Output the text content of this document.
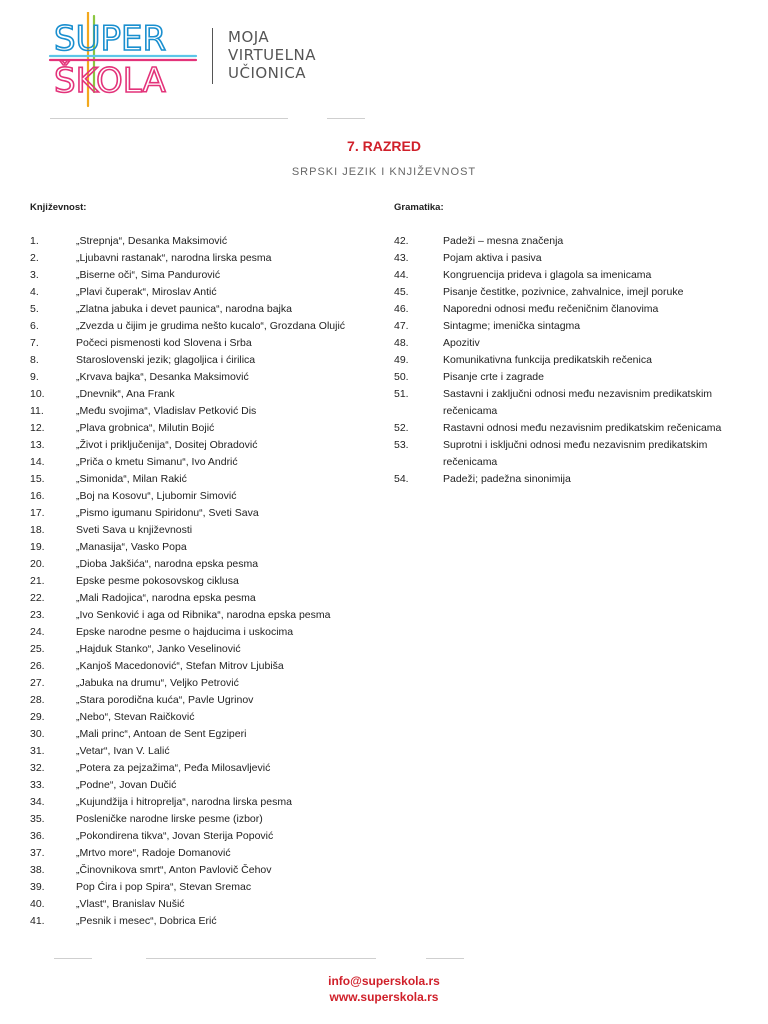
SUPER
ŠKOLA
MOJA
VIRTUELNA
UČIONICA
7. RAZRED
SRPSKI JEZIK I KNJIŽEVNOST
Književnost:	Gramatika:
1.	„Strepnja“, Desanka Maksimović
2.	„Ljubavni rastanak“, narodna lirska pesma
3.	„Biserne oči“, Sima Pandurović
4.	„Plavi čuperak“, Miroslav Antić
5.	„Zlatna jabuka i devet paunica“, narodna bajka
6.	„Zvezda u čijim je grudima nešto kucalo“, Grozdana Olujić
7.	Počeci pismenosti kod Slovena i Srba
8.	Staroslovenski jezik; glagoljica i ćirilica
9.	„Krvava bajka“, Desanka Maksimović
10.	„Dnevnik“, Ana Frank
11.	„Među svojima“, Vladislav Petković Dis
12.	„Plava grobnica“, Milutin Bojić
13.	„Život i priključenija“, Dositej Obradović
14.	„Priča o kmetu Simanu“, Ivo Andrić
15.	„Simonida“, Milan Rakić
16.	„Boj na Kosovu“, Ljubomir Simović
17.	„Pismo igumanu Spiridonu“, Sveti Sava
18.	Sveti Sava u književnosti
19.	„Manasija“, Vasko Popa
20.	„Dioba Jakšića“, narodna epska pesma
21.	Epske pesme pokosovskog ciklusa
22.	„Mali Radojica“, narodna epska pesma
23.	„Ivo Senković i aga od Ribnika“, narodna epska pesma
24.	Epske narodne pesme o hajducima i uskocima
25.	„Hajduk Stanko“, Janko Veselinović
26.	„Kanjoš Macedonović“, Stefan Mitrov Ljubiša
27.	„Jabuka na drumu“, Veljko Petrović
28.	„Stara porodična kuća“, Pavle Ugrinov
29.	„Nebo“, Stevan Raičković
30.	„Mali princ“, Antoan de Sent Egziperi
31.	„Vetar“, Ivan V. Lalić
32.	„Potera za pejzažima“, Peđa Milosavljević
33.	„Podne“, Jovan Dučić
34.	„Kujundžija i hitroprelja“, narodna lirska pesma
35.	Posleničke narodne lirske pesme (izbor)
36.	„Pokondirena tikva“, Jovan Sterija Popović
37.	„Mrtvo more“, Radoje Domanović
38.	„Činovnikova smrt“, Anton Pavlovič Čehov
39.	Pop Ćira i pop Spira“, Stevan Sremac
40.	„Vlast“, Branislav Nušić
41.	„Pesnik i mesec“, Dobrica Erić
42.	Padeži – mesna značenja
43.	Pojam aktiva i pasiva
44.	Kongruencija prideva i glagola sa imenicama
45.	Pisanje čestitke, pozivnice, zahvalnice, imejl poruke
46.	Naporedni odnosi među rečeničnim članovima
47.	Sintagme; imenička sintagma
48.	Apozitiv
49.	Komunikativna funkcija predikatskih rečenica
50.	Pisanje crte i zagrade
51.	Sastavni i zaključni odnosi među nezavisnim predikatskim rečenicama
52.	Rastavni odnosi među nezavisnim predikatskim rečenicama
53.	Suprotni i isključni odnosi među nezavisnim predikatskim rečenicama
54.	Padeži; padežna sinonimija
info@superskola.rs
www.superskola.rs
